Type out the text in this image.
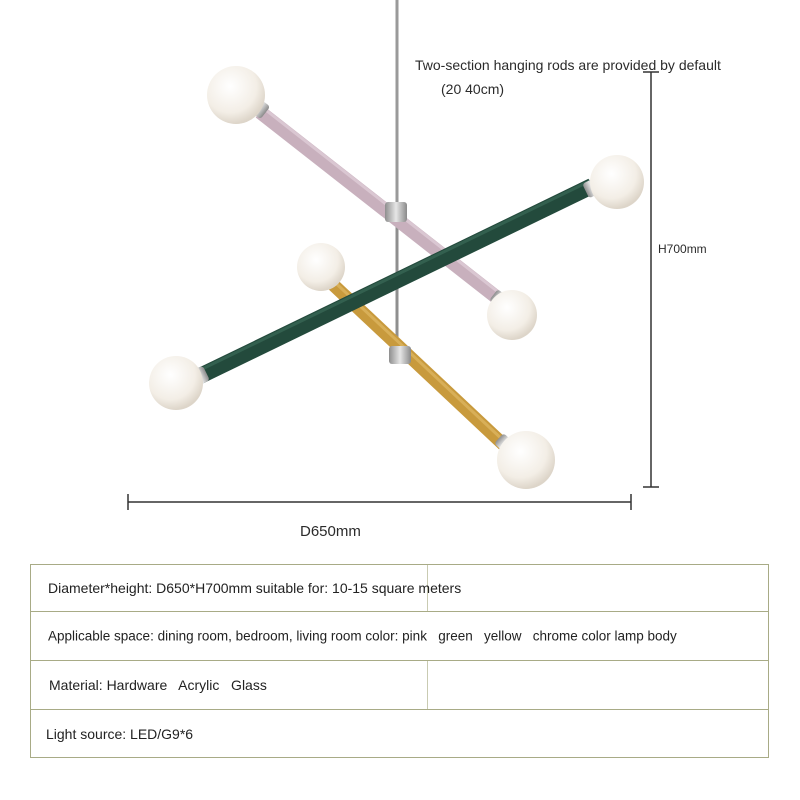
Two-section hanging rods are provided by default
(20 40cm)
H700mm
D650mm
Diameter*height: D650*H700mm suitable for: 10-15 square meters
Applicable space: dining room, bedroom, living room color: pink   green   yellow   chrome color lamp body
Material: Hardware   Acrylic   Glass
Light source: LED/G9*6
